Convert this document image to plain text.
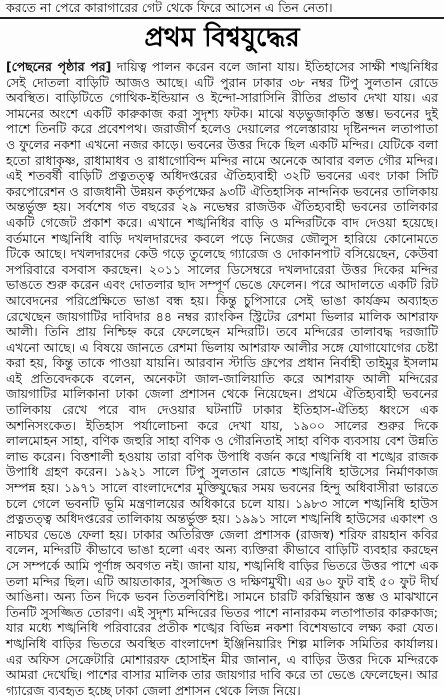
করতে না পেরে কারাগারের গেট থেকে ফিরে আসেন এ তিন নেতা।
প্রথম বিশ্বযুদ্ধের

[পেছনের পৃষ্ঠার পর] দায়িত্ব পালন করেন বলে জানা যায়। ইতিহাসের সাক্ষী শঙ্খনিধির সেই দোতলা বাড়িটি আজও আছে। এটি পুরান ঢাকার ৩৮ নম্বর টিপু সুলতান রোডে অবস্থিত। বাড়িটিতে গোথিক-ইন্ডিয়ান ও ইন্দো-সারাসিনি রীতির প্রভাব দেখা যায়। এর সামনের অংশে একটি কারুকাজ করা সুদৃশ্য ফটক। মাঝে ষড়ভুজাকৃতি স্তম্ভ। ভবনের দুই পাশে তিনটি করে প্রবেশপথ। জরাজীর্ণ হলেও দেয়ালের পলেস্তারায় দৃষ্টিনন্দন লতাপাতা ও ফুলের নকশা এখনো নজর কাড়ে। ভবনের উত্তর দিকে ছিল একটি মন্দির। যেটিকে বলা হতো রাধাকৃষ্ণ, রাধামাধব ও রাধাগোবিন্দ মন্দির নামে অনেকে আবার বলত গৌর মন্দির। এই শতবর্ষী বাড়িটি প্রত্নতত্ত্ব অধিদপ্তরের ঐতিহ্যবাহী ৩২টি ভবনের এবং ঢাকা সিটি করপোরেশন ও রাজধানী উন্নয়ন কর্তৃপক্ষের ৯৩টি ঐতিহাসিক নান্দনিক ভবনের তালিকায় অন্তর্ভুক্ত হয়। সর্বশেষ গত বছরের ২৯ নভেম্বর রাজউক ঐতিহ্যবাহী ভবনের তালিকার একটি গেজেট প্রকাশ করে। এখানে শঙ্খনিধির বাড়ি ও মন্দিরটিকে বাদ দেওয়া হয়েছে। বর্তমানে শঙ্খনিধি বাড়ি দখলদারদের কবলে পড়ে নিজের জৌলুস হারিয়ে কোনোমতে টিকে আছে। দখলদারদের কেউ গড়ে তুলেছে গ্যারেজ ও দোকানপাট বসিয়েছেন, কেউবা সপরিবারে বসবাস করছেন। ২০১১ সালের ডিসেম্বরে দখলদারেরা উত্তর দিকের মন্দির ভাঙতে শুরু করেন এবং দোতলার ছাদ সম্পূর্ণ ভেঙে ফেলেন। পরে আদালতে একটি রিট আবেদনের পরিপ্রেক্ষিতে ভাঙা বন্ধ হয়। কিন্তু চুপিসারে সেই ভাঙা কার্যক্রম অব্যাহত রেখেছেন জায়গাটির দাবিদার ৪৪ নম্বর র‍্যাংকিন স্ট্রিটের রেশমা ভিলার মালিক আশরাফ আলী। তিনি প্রায় নিশ্চিহ্ন করে ফেলেছেন মন্দিরটি। তবে মন্দিরের তালাবদ্ধ দরজাটি এখনো আছে। এ বিষয়ে জানতে রেশমা ভিলায় আশরাফ আলীর সঙ্গে যোগাযোগের চেষ্টা করা হয়, কিন্তু তাকে পাওয়া যায়নি। আরবান স্টাডি গ্রুপের প্রধান নির্বাহী তাইমুর ইসলাম এই প্রতিবেদককে বলেন, অনেকটা জাল-জালিয়াতি করে আশরাফ আলী মন্দিরের জায়গাটির মালিকানা ঢাকা জেলা প্রশাসন থেকে নিয়েছেন। প্রথমে ঐতিহ্যবাহী ভবনের তালিকায় রেখে পরে বাদ দেওয়ার ঘটনাটি ঢাকার ইতিহাস-ঐতিহ্য ধ্বংসে এক অশনিসংকেত। ইতিহাস পর্যালোচনা করে দেখা যায়, ১৯০০ সালের শুরুর দিকে লালমোহন সাহা, বণিক জহুরি সাহা বণিক ও গৌরনিতাই সাহা বণিক ব্যবসায় বেশ উন্নতি লাভ করেন। বিত্তশালী হওয়ায় তারা বণিক উপাধি বর্জন করে শঙ্খনিধি বা শঙ্খের রাজক উপাধি গ্রহণ করেন। ১৯২১ সালে টিপু সুলতান রোডে শঙ্খনিধি হাউসের নির্মাণকাজ সম্পন্ন হয়। ১৯৭১ সালে বাংলাদেশের মুক্তিযুদ্ধের সময় ভবনের হিন্দু অধিবাসীরা ভারতে চলে গেলে ভবনটি ভূমি মন্ত্রণালয়ের অধিকারে চলে যায়। ১৯৮৩ সালে শঙ্খনিধি হাউস প্রত্নতত্ত্ব অধিদপ্তরের তালিকায় অন্তর্ভুক্ত হয়। ১৯৯১ সালে শঙ্খনিধি হাউসের একাংশ ও নাচঘর ভেঙে ফেলা হয়। ঢাকার অতিরিক্ত জেলা প্রশাসক (রাজস্ব) শরিফ রায়হান কবির বলেন, মন্দিরটি কীভাবে ভাঙা হলো এবং অন্য ব্যক্তিরা কীভাবে বাড়িটি ব্যবহার করছেন সে সম্পর্কে আমি পূর্ণাঙ্গ অবগত নই। জানা যায়, শঙ্খনিধি বাড়ির ভিতরে উত্তর পাশে এক তলা মন্দির ছিল। এটি আয়তাকার, সুসজ্জিত ও দক্ষিণমুখী। এর ৬০ ফুট বাই ৫০ ফুট দীর্ঘ আঙিনা। অন্য তিন দিকে ভবন তিতলবিশিষ্ট। সামনে চারটি করিন্থিয়ান স্তম্ভ ও মাঝখানে তিনটি সুসজ্জিত তোরণ। এই সুদৃশ্য মন্দিরের ভিতর পাশে নানারকম লতাপাতার কারুকাজ; যার মধ্যে শঙ্খনিধি পরিবারের প্রতীক শঙ্খের বিভিন্ন নকশা বিশেষভাবে লক্ষ্য করা যেত। শঙ্খনিধি বাড়ির ভিতরে অবস্থিত বাংলাদেশ ইঞ্জিনিয়ারিং শিল্প মালিক সমিতির কার্যালয়। এর অফিস সেক্রেটারি মোশাররফ হোসাইন মীর জানান, এ বাড়ির উত্তর দিকে মন্দিরকে আমরা দেখেছি। পাশের বাসার মালিক তার জায়গার দাবি করে তা ভেঙে ফেলেছেন। আর গ্যারেজ ব্যবহৃত হচ্ছে ঢাকা জেলা প্রশাসন থেকে লিজ নিয়ে।
